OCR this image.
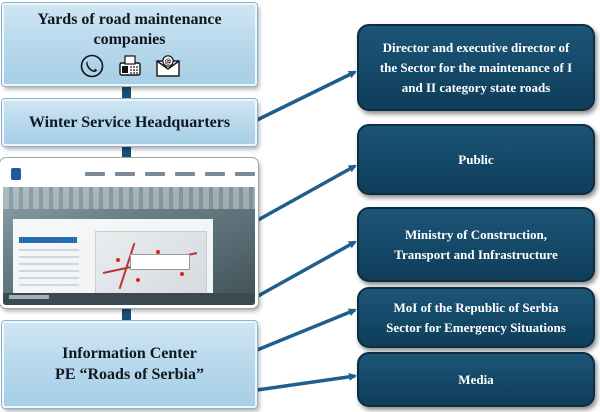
Yards of road maintenance
companies
@
Winter Service Headquarters
Information Center
PE “Roads of Serbia”
Director and executive director of
the Sector for the maintenance of I
and II category state roads
Public
Ministry of Construction,
Transport and Infrastructure
MoI of the Republic of Serbia
Sector for Emergency Situations
Media
